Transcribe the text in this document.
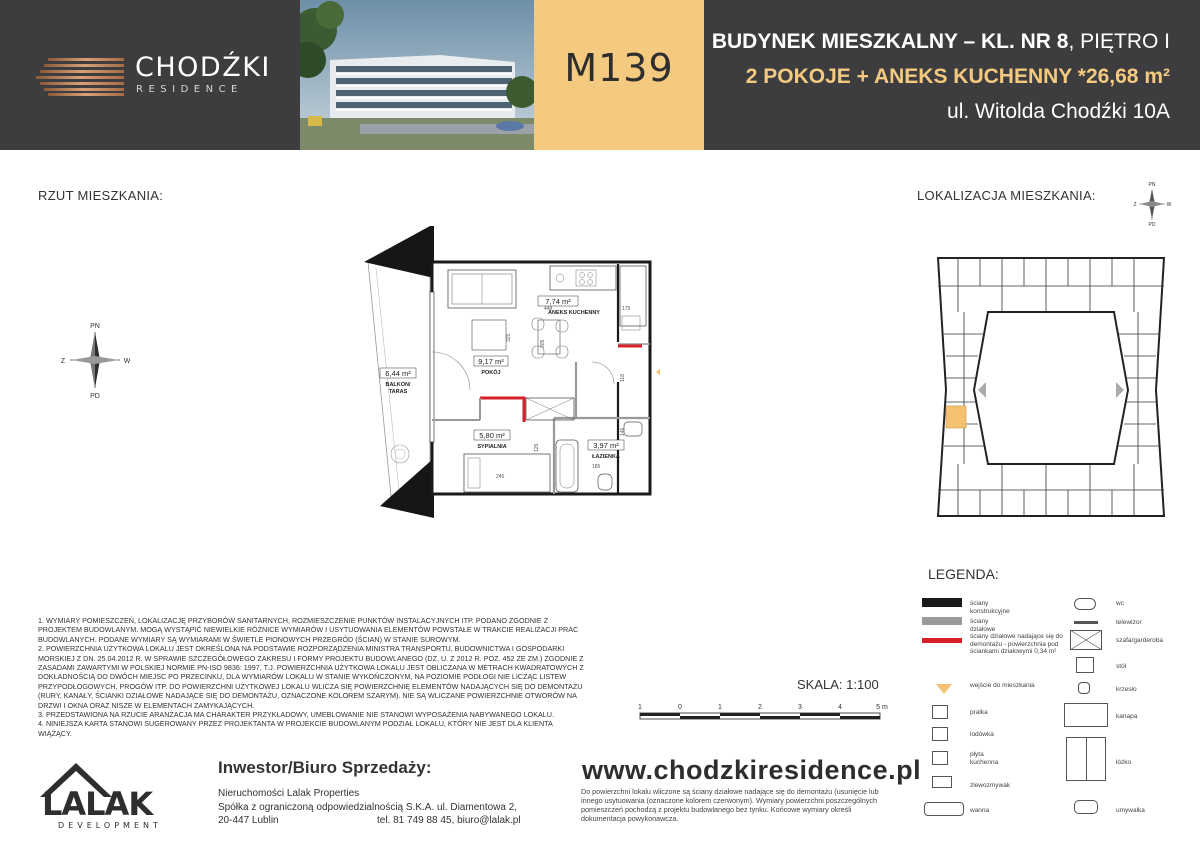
CHODŹKI
RESIDENCE	M139
BUDYNEK MIESZKALNY – KL. NR 8, PIĘTRO I
2 POKOJE + ANEKS KUCHENNY *26,68 m²
ul. Witolda Chodźki 10A
RZUT MIESZKANIA:	LOKALIZACJA MIESZKANIA:
PN
PD
Z	W
PN
PD
Z	W
7,74 m²
ANEKS KUCHENNY
9,17 m²
POKÓJ
5,80 m²
SYPIALNIA	3,97 m²
ŁAZIENKA
6,44 m²
BALKON/
TARAS
448	175
325
305
118
125
245
185
146

1. WYMIARY POMIESZCZEŃ, LOKALIZACJĘ PRZYBORÓW SANITARNYCH, ROZMIESZCZENIE PUNKTÓW INSTALACYJNYCH ITP. PODANO ZGODNIE Z PROJEKTEM BUDOWLANYM. MOGĄ WYSTĄPIĆ NIEWIELKIE RÓŻNICE WYMIARÓW I USYTUOWANIA ELEMENTÓW POWSTAŁE W TRAKCIE REALIZACJI PRAC BUDOWLANYCH. PODANE WYMIARY SĄ WYMIARAMI W ŚWIETLE PIONOWYCH PRZEGRÓD (ŚCIAN) W STANIE SUROWYM.

2. POWIERZCHNIA UŻYTKOWA LOKALU JEST OKREŚLONA NA PODSTAWIE ROZPORZĄDZENIA MINISTRA TRANSPORTU, BUDOWNICTWA I GOSPODARKI MORSKIEJ Z DN. 25.04.2012 R. W SPRAWIE SZCZEGÓŁOWEGO ZAKRESU I FORMY PROJEKTU BUDOWLANEGO (DZ. U. Z 2012 R. POZ. 452 ZE ZM.) ZGODNIE Z ZASADAMI ZAWARTYMI W POLSKIEJ NORMIE PN-ISO 9836: 1997, T.J. POWIERZCHNIA UŻYTKOWA LOKALU JEST OBLICZANA W METRACH KWADRATOWYCH Z DOKŁADNOŚCIĄ DO DWÓCH MIEJSC PO PRZECINKU, DLA WYMIARÓW LOKALU W STANIE WYKOŃCZONYM, NA POZIOMIE PODŁOGI NIE LICZĄC LISTEW PRZYPODŁOGOWYCH, PROGÓW ITP. DO POWIERZCHNI UŻYTKOWEJ LOKALU WLICZA SIĘ POWIERZCHNIĘ ELEMENTÓW NADAJĄCYCH SIĘ DO DEMONTAŻU (RURY, KANAŁY, ŚCIANKI DZIAŁOWE NADAJĄCE SIĘ DO DEMONTAŻU, OZNACZONE KOLOREM SZARYM). NIE SĄ WLICZANE POWIERZCHNIE OTWORÓW NA DRZWI I OKNA ORAZ NISZE W ELEMENTACH ZAMYKAJĄCYCH.

3. PRZEDSTAWIONA NA RZUCIE ARANŻACJA MA CHARAKTER PRZYKŁADOWY, UMEBLOWANIE NIE STANOWI WYPOSAŻENIA NABYWANEGO LOKALU.

4. NINIEJSZA KARTA STANOWI SUGEROWANY PRZEZ PROJEKTANTA W PROJEKCIE BUDOWLANYM PODZIAŁ LOKALU, KTÓRY NIE JEST DLA KLIENTA WIĄŻĄCY.

SKALA: 1:100
1	0	1	2	3	4	5 m
LEGENDA:
ściany konstrukcyjne
ściany działowe
ściany działowe nadające się do demontażu - powierzchnia pod ściankami działowymi 0,34 m²
wejście do mieszkania
pralka
lodówka
płyta kuchenna
zlewozmywak
wanna
wc
telewizor
szafa/garderoba
stół
krzesło
kanapa
łóżko
umywalka
LALAK
DEVELOPMENT
Inwestor/Biuro Sprzedaży:
Nieruchomości Lalak Properties
Spółka z ograniczoną odpowiedzialnością S.K.A. ul. Diamentowa 2,
20-447 Lublin	tel. 81 749 88 45, biuro@lalak.pl
www.chodzkiresidence.pl
Do powierzchni lokalu wliczone są ściany działowe nadające się do demontażu (usunięcie lub innego usytuowania (oznaczone kolorem czerwonym). Wymiary powierzchni poszczególnych pomieszczeń pochodzą z projektu budowlanego bez tynku. Końcowe wymiary określi dokumentacja powykonawcza.
